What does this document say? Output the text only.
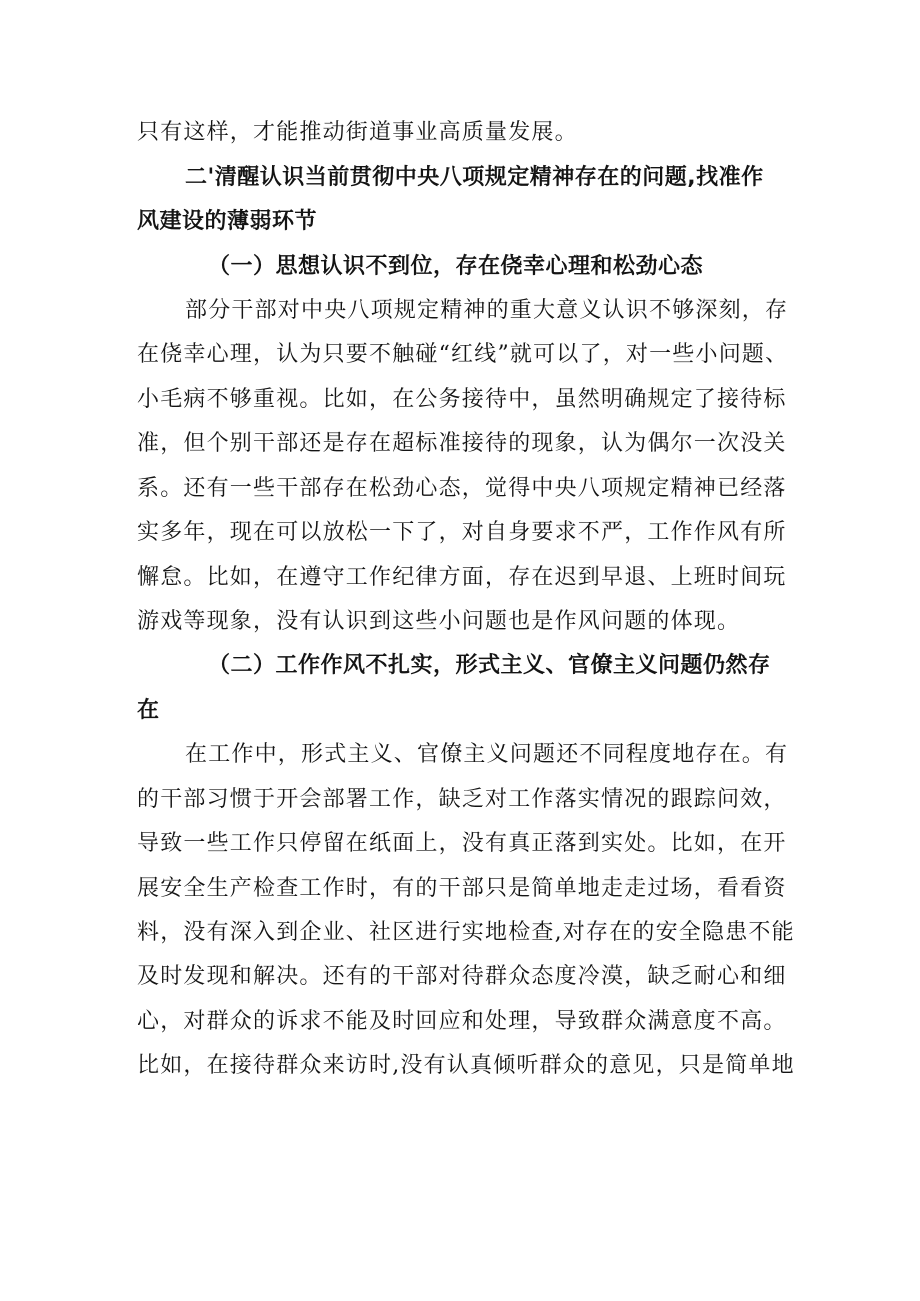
只有这样，才能推动街道事业高质量发展。
二'清醒认识当前贯彻中央八项规定精神存在的问题,找准作
风建设的薄弱环节
（一）思想认识不到位，存在侥幸心理和松劲心态
部分干部对中央八项规定精神的重大意义认识不够深刻，存
在侥幸心理，认为只要不触碰“红线”就可以了，对一些小问题、
小毛病不够重视。比如，在公务接待中，虽然明确规定了接待标
准，但个别干部还是存在超标准接待的现象，认为偶尔一次没关
系。还有一些干部存在松劲心态，觉得中央八项规定精神已经落
实多年，现在可以放松一下了，对自身要求不严，工作作风有所
懈怠。比如，在遵守工作纪律方面，存在迟到早退、上班时间玩
游戏等现象，没有认识到这些小问题也是作风问题的体现。
（二）工作作风不扎实，形式主义、官僚主义问题仍然存
在
在工作中，形式主义、官僚主义问题还不同程度地存在。有
的干部习惯于开会部署工作，缺乏对工作落实情况的跟踪问效，
导致一些工作只停留在纸面上，没有真正落到实处。比如，在开
展安全生产检查工作时，有的干部只是简单地走走过场，看看资
料，没有深入到企业、社区进行实地检查,对存在的安全隐患不能
及时发现和解决。还有的干部对待群众态度冷漠，缺乏耐心和细
心，对群众的诉求不能及时回应和处理，导致群众满意度不高。
比如，在接待群众来访时,没有认真倾听群众的意见，只是简单地
